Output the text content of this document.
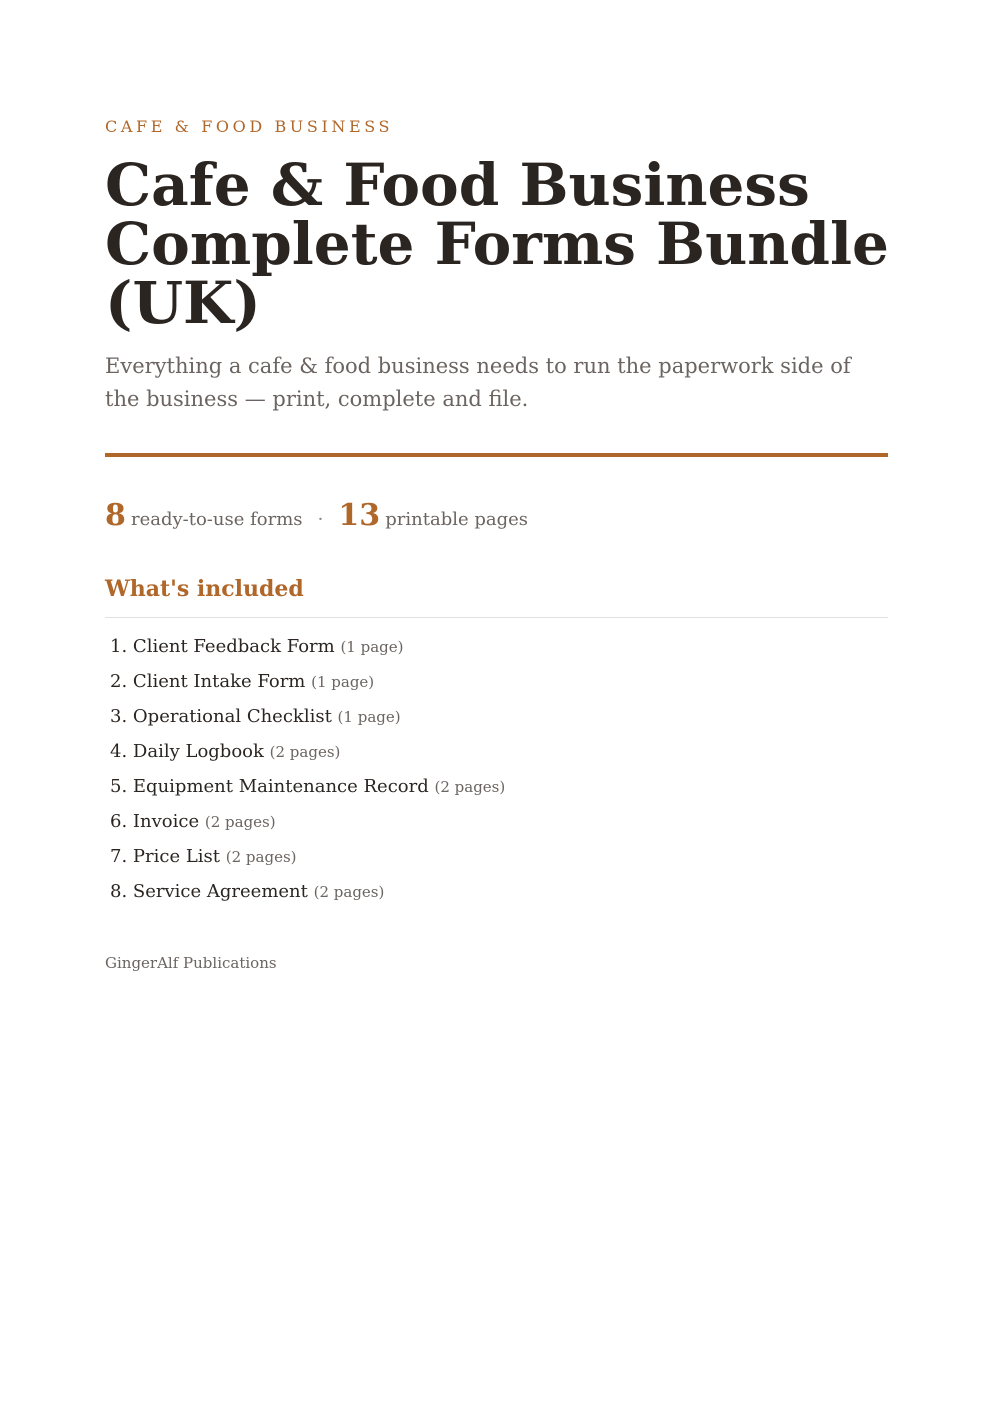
CAFE & FOOD BUSINESS
Cafe & Food Business Complete Forms Bundle (UK)

Everything a cafe & food business needs to run the paperwork side of the business — print, complete and file.

8 ready-to-use forms · 13 printable pages
What's included
1. Client Feedback Form (1 page)
2. Client Intake Form (1 page)
3. Operational Checklist (1 page)
4. Daily Logbook (2 pages)
5. Equipment Maintenance Record (2 pages)
6. Invoice (2 pages)
7. Price List (2 pages)
8. Service Agreement (2 pages)
GingerAlf Publications
